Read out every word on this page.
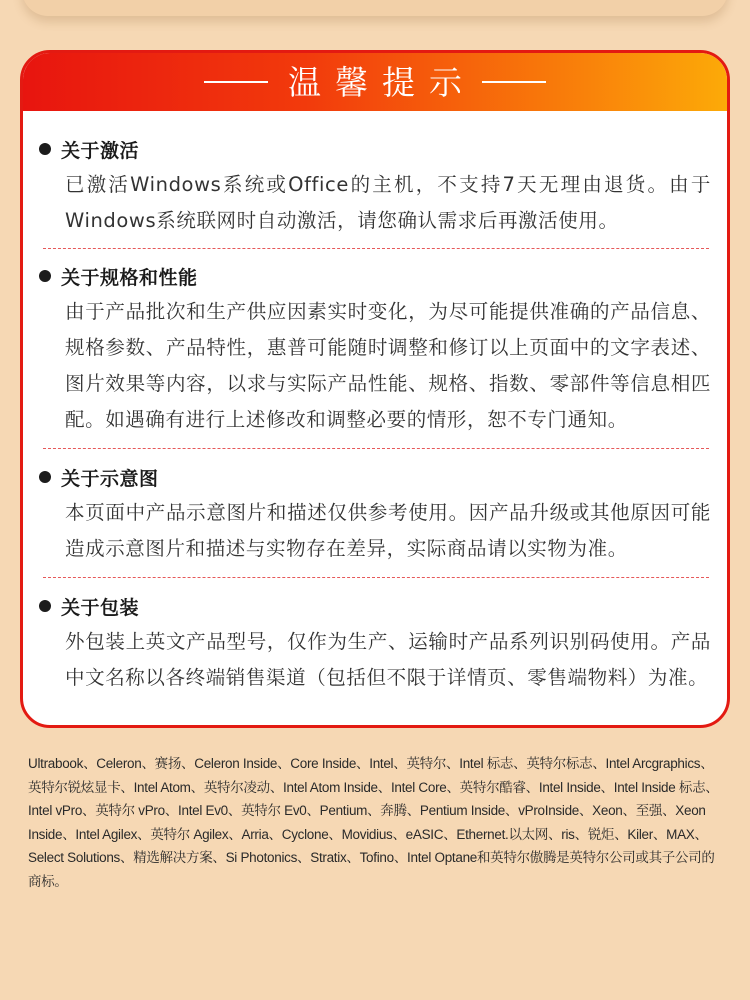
温馨提示
关于激活
已激活Windows系统或Office的主机，不支持7天无理由退货。由于Windows系统联网时自动激活，请您确认需求后再激活使用。
关于规格和性能
由于产品批次和生产供应因素实时变化，为尽可能提供准确的产品信息、规格参数、产品特性，惠普可能随时调整和修订以上页面中的文字表述、图片效果等内容，以求与实际产品性能、规格、指数、零部件等信息相匹配。如遇确有进行上述修改和调整必要的情形，恕不专门通知。
关于示意图
本页面中产品示意图片和描述仅供参考使用。因产品升级或其他原因可能造成示意图片和描述与实物存在差异，实际商品请以实物为准。
关于包装
外包装上英文产品型号，仅作为生产、运输时产品系列识别码使用。产品中文名称以各终端销售渠道（包括但不限于详情页、零售端物料）为准。
Ultrabook、Celeron、赛扬、Celeron Inside、Core Inside、Intel、英特尔、Intel 标志、英特尔标志、Intel Arcgraphics、英特尔锐炫显卡、Intel Atom、英特尔凌动、Intel Atom Inside、Intel Core、英特尔酷睿、Intel Inside、Intel Inside 标志、Intel vPro、英特尔 vPro、Intel Ev0、英特尔 Ev0、Pentium、奔腾、Pentium Inside、vProInside、Xeon、至强、Xeon Inside、Intel Agilex、英特尔 Agilex、Arria、Cyclone、Movidius、eASIC、Ethernet.以太网、ris、锐炬、Kiler、MAX、Select Solutions、精选解决方案、Si Photonics、Stratix、Tofino、Intel Optane和英特尔傲腾是英特尔公司或其子公司的商标。
